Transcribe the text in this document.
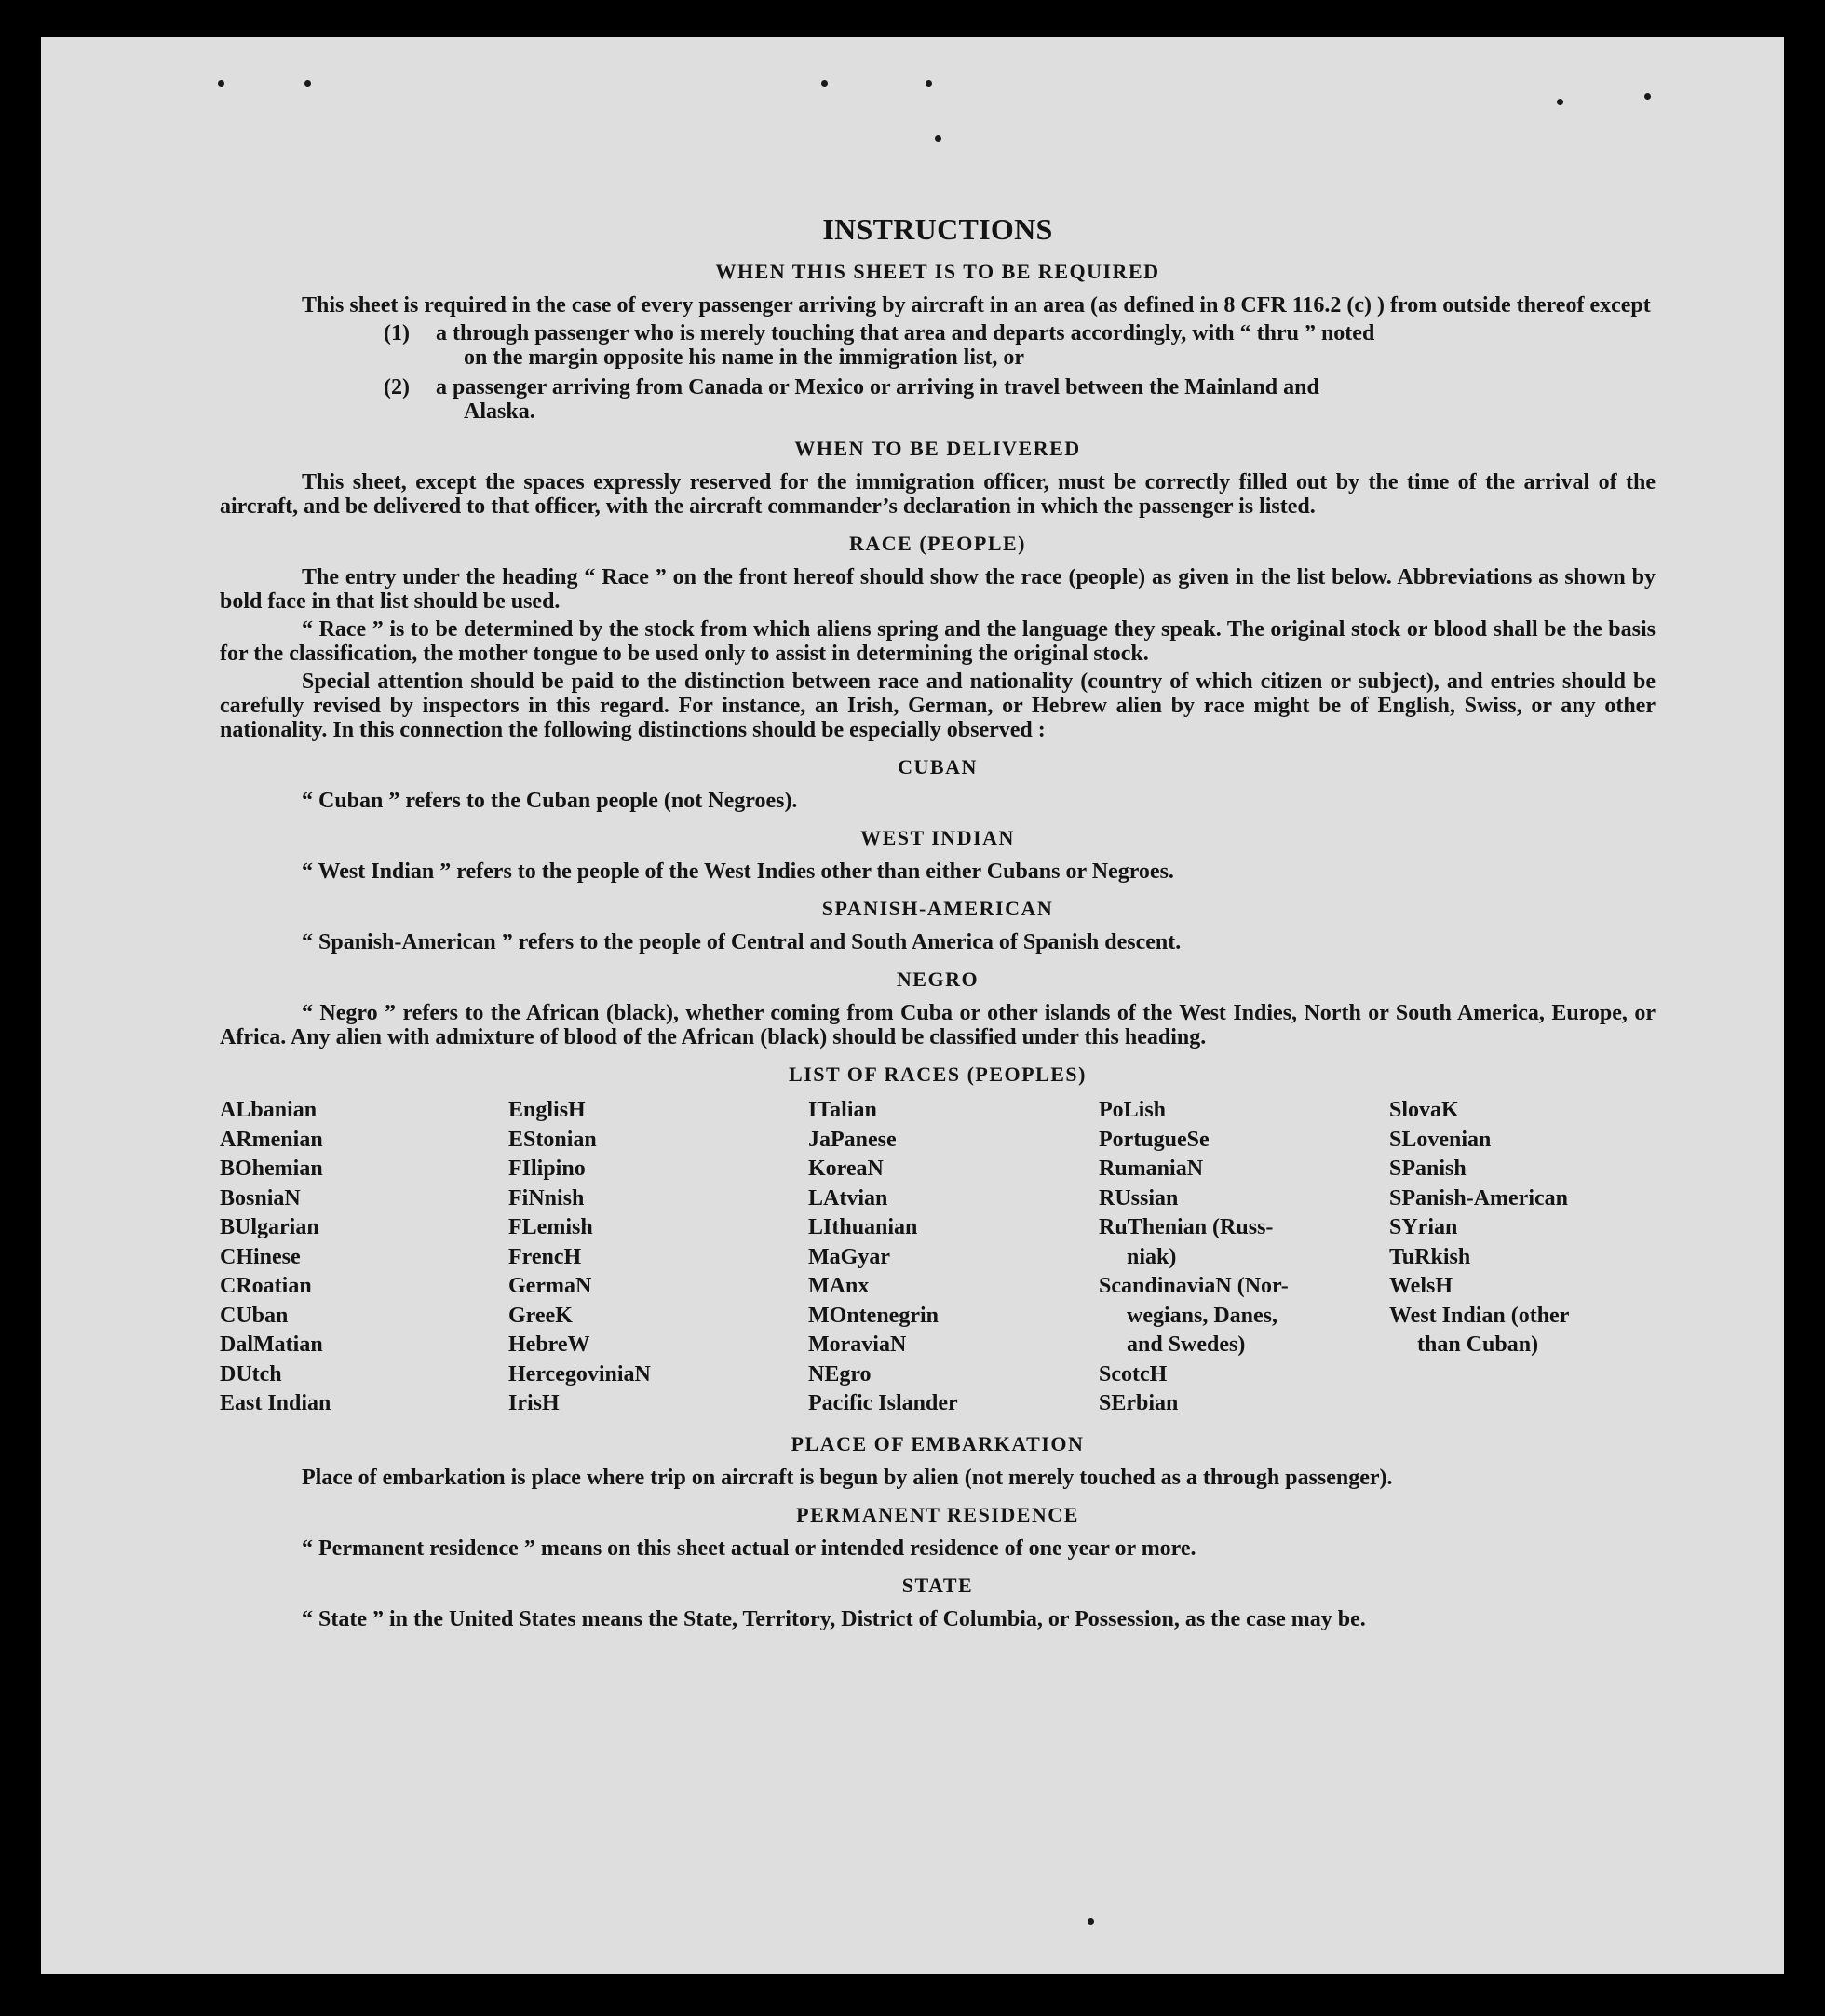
INSTRUCTIONS
WHEN THIS SHEET IS TO BE REQUIRED

This sheet is required in the case of every passenger arriving by aircraft in an area (as defined in 8 CFR 116.2 (c) ) from outside thereof except

(1)	a through passenger who is merely touching that area and departs accordingly, with “ thru ” noted
on the margin opposite his name in the immigration list, or
(2)	a passenger arriving from Canada or Mexico or arriving in travel between the Mainland and
Alaska.
WHEN TO BE DELIVERED

This sheet, except the spaces expressly reserved for the immigration officer, must be correctly filled out by the time of the arrival of the aircraft, and be delivered to that officer, with the aircraft commander’s declaration in which the passenger is listed.

RACE (PEOPLE)

The entry under the heading “ Race ” on the front hereof should show the race (people) as given in the list below. Abbreviations as shown by bold face in that list should be used.

“ Race ” is to be determined by the stock from which aliens spring and the language they speak. The original stock or blood shall be the basis for the classification, the mother tongue to be used only to assist in determining the original stock.

Special attention should be paid to the distinction between race and nationality (country of which citizen or subject), and entries should be carefully revised by inspectors in this regard. For instance, an Irish, German, or Hebrew alien by race might be of English, Swiss, or any other nationality. In this connection the following distinctions should be especially observed :

CUBAN

“ Cuban ” refers to the Cuban people (not Negroes).

WEST INDIAN

“ West Indian ” refers to the people of the West Indies other than either Cubans or Negroes.

SPANISH-AMERICAN

“ Spanish-American ” refers to the people of Central and South America of Spanish descent.

NEGRO

“ Negro ” refers to the African (black), whether coming from Cuba or other islands of the West Indies, North or South America, Europe, or Africa. Any alien with admixture of blood of the African (black) should be classified under this heading.

LIST OF RACES (PEOPLES)
ALbanian
ARmenian
BOhemian
BosniaN
BUlgarian
CHinese
CRoatian
CUban
DalMatian
DUtch
East Indian
EnglisH
EStonian
FIlipino
FiNnish
FLemish
FrencH
GermaN
GreeK
HebreW
HercegoviniaN
IrisH
ITalian
JaPanese
KoreaN
LAtvian
LIthuanian
MaGyar
MAnx
MOntenegrin
MoraviaN
NEgro
Pacific Islander
PoLish
PortugueSe
RumaniaN
RUssian
RuThenian (Russ-
niak)
ScandinaviaN (Nor-
wegians, Danes,
and Swedes)
ScotcH
SErbian
SlovaK
SLovenian
SPanish
SPanish-American
SYrian
TuRkish
WelsH
West Indian (other
than Cuban)
PLACE OF EMBARKATION

Place of embarkation is place where trip on aircraft is begun by alien (not merely touched as a through passenger).

PERMANENT RESIDENCE

“ Permanent residence ” means on this sheet actual or intended residence of one year or more.

STATE

“ State ” in the United States means the State, Territory, District of Columbia, or Possession, as the case may be.
